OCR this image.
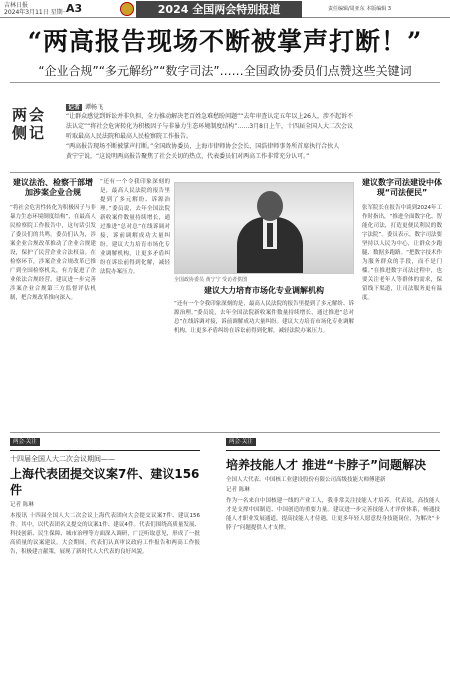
吉林日报
2024年3月11日 星期一
A3	2024 全国两会特别报道	责任编辑/周亚东 本版编辑 3
“两高报告现场不断被掌声打断！”
“企业合规”“多元解纷”“数字司法”……全国政协委员们点赞这些关键词
记者 谭畅飞
两会侧记
“让群众感觉到诉讼并非负担，全力推动解决老百姓急难愁盼问题”“去年审查认定五年以上26人，涉不起诉不
法认定”“将社会危害转化为积极因子与非暴力生态环境制度结构”……3月8日上午，十四届全国人大二次会议
听取最高人民法院和最高人民检察院工作报告。
“两高报告现场不断被掌声打断。”全国政协委员，上海市律师协会会长、国浩律师事务所首席执行合伙人
黄宁宁说，“这说明两高报告聚焦了社会关切的热点，代表委员们对两高工作非常充分认可。”
建议法治、检察干部增加涉案企业合规
“将社会危害性转化为积极因子与非暴力生态环境制度结构”，在最高人民检察院工作报告中，这句话引发了委员们的共鸣。委员们认为，涉案企业合规改革推动了企业合规建设，保护了民营企业合法权益。在检察环节，涉案企业合规改革已推广到全国检察机关，有力促进了企业依法合规经营。建议进一步完善涉案企业合规第三方监督评估机制，把合规改革推向深入。
“还有一个令我印象深刻的是，最高人民法院的报告里提到了多元解纷、诉源治理。”委员说，去年全国法院新收案件数量持续增长，通过推进“总对总”在线诉调对接，诉前调解成功大量纠纷。建议大力培育市场化专业调解机构，让更多矛盾纠纷在诉讼前得到化解，减轻法院办案压力。
全国政协委员 黄宁宁 受访者供图
建议大力培育市场化专业调解机构
“还有一个令我印象深刻的是，最高人民法院的报告里提到了多元解纷、诉源治理。”委员说，去年全国法院新收案件数量持续增长，通过推进“总对总”在线诉调对接，诉前调解成功大量纠纷。建议大力培育市场化专业调解机构，让更多矛盾纠纷在诉讼前得到化解，减轻法院办案压力。
建议数字司法建设中体现“司法便民”
张军院长在报告中谈到2024年工作时指出，“推进全面数字化、智能化司法，打造更便民利民的数字法院”。委员表示，数字司法要坚持以人民为中心，让群众少跑腿、数据多跑路。“把数字技术作为服务群众的手段，而不是门槛。”在推进数字司法过程中，也要关注老年人等群体的需求，保留线下渠道，让司法服务更有温度。
两会·关注
十四届全国人大二次会议期间——
上海代表团提交议案7件、建议156件
记者 陈琳
本报讯 十四届全国人大二次会议上海代表团向大会提交议案7件、建议156件。其中，以代表团名义提交的议案1件、建议4件。代表们围绕高质量发展、科技创新、民生保障、城市治理等方面深入调研，广泛听取意见，形成了一批高质量的议案建议。大会期间，代表们认真审议政府工作报告和两高工作报告，积极建言献策，展现了新时代人大代表的良好风貌。
两会·关注
培养技能人才 推进“卡脖子”问题解决
全国人大代表、中国核工业建设股份有限公司高级技能大师傅建新
记者 陈琳
作为一名来自中国核建一线的产业工人，我非常关注技能人才培养。代表说，高技能人才是支撑中国制造、中国创造的重要力量。建议进一步完善技能人才评价体系，畅通技能人才职业发展通道，提高技能人才待遇，让更多年轻人愿意投身技能岗位，为解决“卡脖子”问题提供人才支撑。
